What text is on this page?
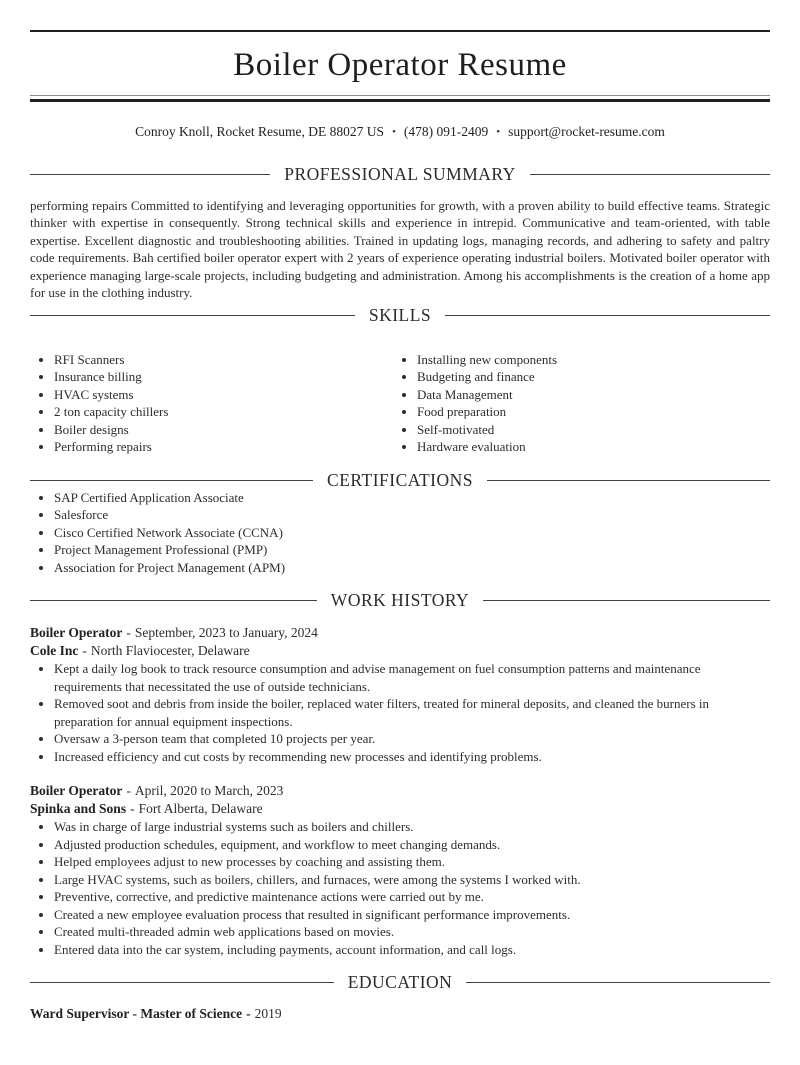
Boiler Operator Resume
Conroy Knoll, Rocket Resume, DE 88027 US • (478) 091-2409 • support@rocket-resume.com
PROFESSIONAL SUMMARY

performing repairs Committed to identifying and leveraging opportunities for growth, with a proven ability to build effective teams. Strategic thinker with expertise in consequently. Strong technical skills and experience in intrepid. Communicative and team-oriented, with table expertise. Excellent diagnostic and troubleshooting abilities. Trained in updating logs, managing records, and adhering to safety and paltry code requirements. Bah certified boiler operator expert with 2 years of experience operating industrial boilers. Motivated boiler operator with experience managing large-scale projects, including budgeting and administration. Among his accomplishments is the creation of a home app for use in the clothing industry.

SKILLS
• RFI Scanners
• Insurance billing
• HVAC systems
• 2 ton capacity chillers
• Boiler designs
• Performing repairs
• Installing new components
• Budgeting and finance
• Data Management
• Food preparation
• Self-motivated
• Hardware evaluation
CERTIFICATIONS
• SAP Certified Application Associate
• Salesforce
• Cisco Certified Network Associate (CCNA)
• Project Management Professional (PMP)
• Association for Project Management (APM)
WORK HISTORY
Boiler Operator - September, 2023 to January, 2024
Cole Inc - North Flaviocester, Delaware
• Kept a daily log book to track resource consumption and advise management on fuel consumption patterns and maintenance requirements that necessitated the use of outside technicians.
• Removed soot and debris from inside the boiler, replaced water filters, treated for mineral deposits, and cleaned the burners in preparation for annual equipment inspections.
• Oversaw a 3-person team that completed 10 projects per year.
• Increased efficiency and cut costs by recommending new processes and identifying problems.
Boiler Operator - April, 2020 to March, 2023
Spinka and Sons - Fort Alberta, Delaware
• Was in charge of large industrial systems such as boilers and chillers.
• Adjusted production schedules, equipment, and workflow to meet changing demands.
• Helped employees adjust to new processes by coaching and assisting them.
• Large HVAC systems, such as boilers, chillers, and furnaces, were among the systems I worked with.
• Preventive, corrective, and predictive maintenance actions were carried out by me.
• Created a new employee evaluation process that resulted in significant performance improvements.
• Created multi-threaded admin web applications based on movies.
• Entered data into the car system, including payments, account information, and call logs.
EDUCATION
Ward Supervisor - Master of Science - 2019
